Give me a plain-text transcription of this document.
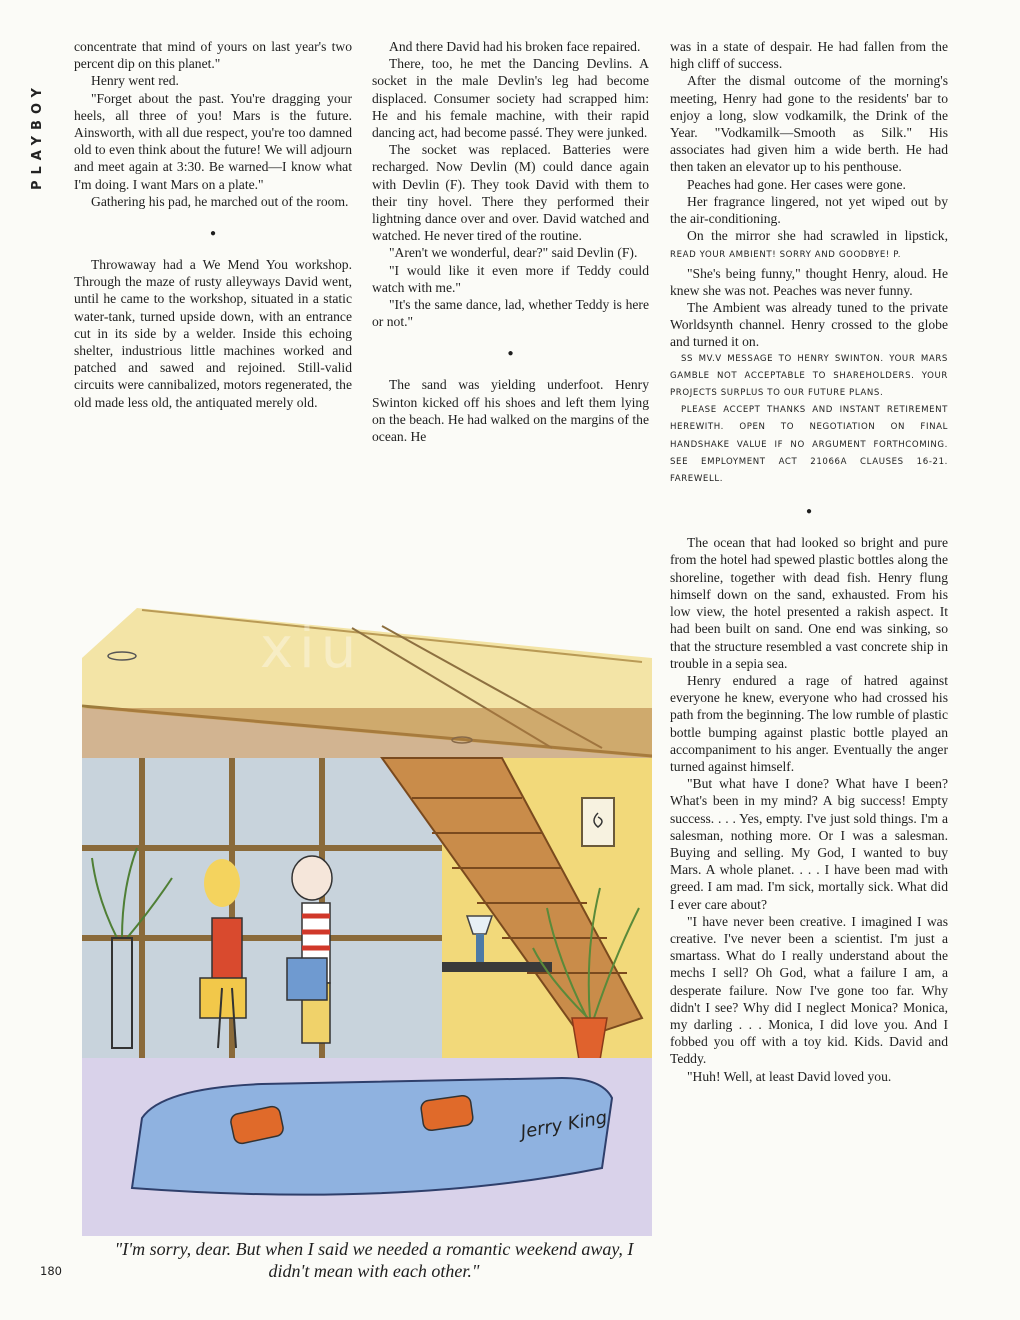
PLAYBOY

concentrate that mind of yours on last year's two percent dip on this planet."

Henry went red.

"Forget about the past. You're dragging your heels, all three of you! Mars is the future. Ainsworth, with all due respect, you're too damned old to even think about the future! We will adjourn and meet again at 3:30. Be warned—I know what I'm doing. I want Mars on a plate."

Gathering his pad, he marched out of the room.

●

Throwaway had a We Mend You workshop. Through the maze of rusty alleyways David went, until he came to the workshop, situated in a static water-tank, turned upside down, with an entrance cut in its side by a welder. Inside this echoing shelter, industrious little machines worked and patched and sawed and rejoined. Still-valid circuits were cannibalized, motors regenerated, the old made less old, the antiquated merely old.

And there David had his broken face repaired.

There, too, he met the Dancing Devlins. A socket in the male Devlin's leg had become displaced. Consumer society had scrapped him: He and his female machine, with their rapid dancing act, had become passé. They were junked.

The socket was replaced. Batteries were recharged. Now Devlin (M) could dance again with Devlin (F). They took David with them to their tiny hovel. There they performed their lightning dance over and over. David watched and watched. He never tired of the routine.

"Aren't we wonderful, dear?" said Devlin (F).

"I would like it even more if Teddy could watch with me."

"It's the same dance, lad, whether Teddy is here or not."

●

The sand was yielding underfoot. Henry Swinton kicked off his shoes and left them lying on the beach. He had walked on the margins of the ocean. He

was in a state of despair. He had fallen from the high cliff of success.

After the dismal outcome of the morning's meeting, Henry had gone to the residents' bar to enjoy a long, slow vodkamilk, the Drink of the Year. "Vodkamilk—Smooth as Silk." His associates had given him a wide berth. He had then taken an elevator up to his penthouse.

Peaches had gone. Her cases were gone.

Her fragrance lingered, not yet wiped out by the air-conditioning.

On the mirror she had scrawled in lipstick, READ YOUR AMBIENT! SORRY AND GOODBYE! P.

"She's being funny," thought Henry, aloud. He knew she was not. Peaches was never funny.

The Ambient was already tuned to the private Worldsynth channel. Henry crossed to the globe and turned it on.

SS MV.V MESSAGE TO HENRY SWINTON. YOUR MARS GAMBLE NOT ACCEPTABLE TO SHAREHOLDERS. YOUR PROJECTS SURPLUS TO OUR FUTURE PLANS.

PLEASE ACCEPT THANKS AND INSTANT RETIREMENT HEREWITH. OPEN TO NEGOTIATION ON FINAL HANDSHAKE VALUE IF NO ARGUMENT FORTHCOMING. SEE EMPLOYMENT ACT 21066A CLAUSES 16-21. FAREWELL.

●

The ocean that had looked so bright and pure from the hotel had spewed plastic bottles along the shoreline, together with dead fish. Henry flung himself down on the sand, exhausted. From his low view, the hotel presented a rakish aspect. It had been built on sand. One end was sinking, so that the structure resembled a vast concrete ship in trouble in a sepia sea.

Henry endured a rage of hatred against everyone he knew, everyone who had crossed his path from the beginning. The low rumble of plastic bottle bumping against plastic bottle played an accompaniment to his anger. Eventually the anger turned against himself.

"But what have I done? What have I been? What's been in my mind? A big success! Empty success. . . . Yes, empty. I've just sold things. I'm a salesman, nothing more. Or I was a salesman. Buying and selling. My God, I wanted to buy Mars. A whole planet. . . . I have been mad with greed. I am mad. I'm sick, mortally sick. What did I ever care about?

"I have never been creative. I imagined I was creative. I've never been a scientist. I'm just a smartass. What do I really understand about the mechs I sell? Oh God, what a failure I am, a desperate failure. Now I've gone too far. Why didn't I see? Why did I neglect Monica? Monica, my darling . . . Monica, I did love you. And I fobbed you off with a toy kid. Kids. David and Teddy.

"Huh! Well, at least David loved you.

Jerry King
xiu
"I'm sorry, dear. But when I said we needed a romantic weekend away, I didn't mean with each other."
180
